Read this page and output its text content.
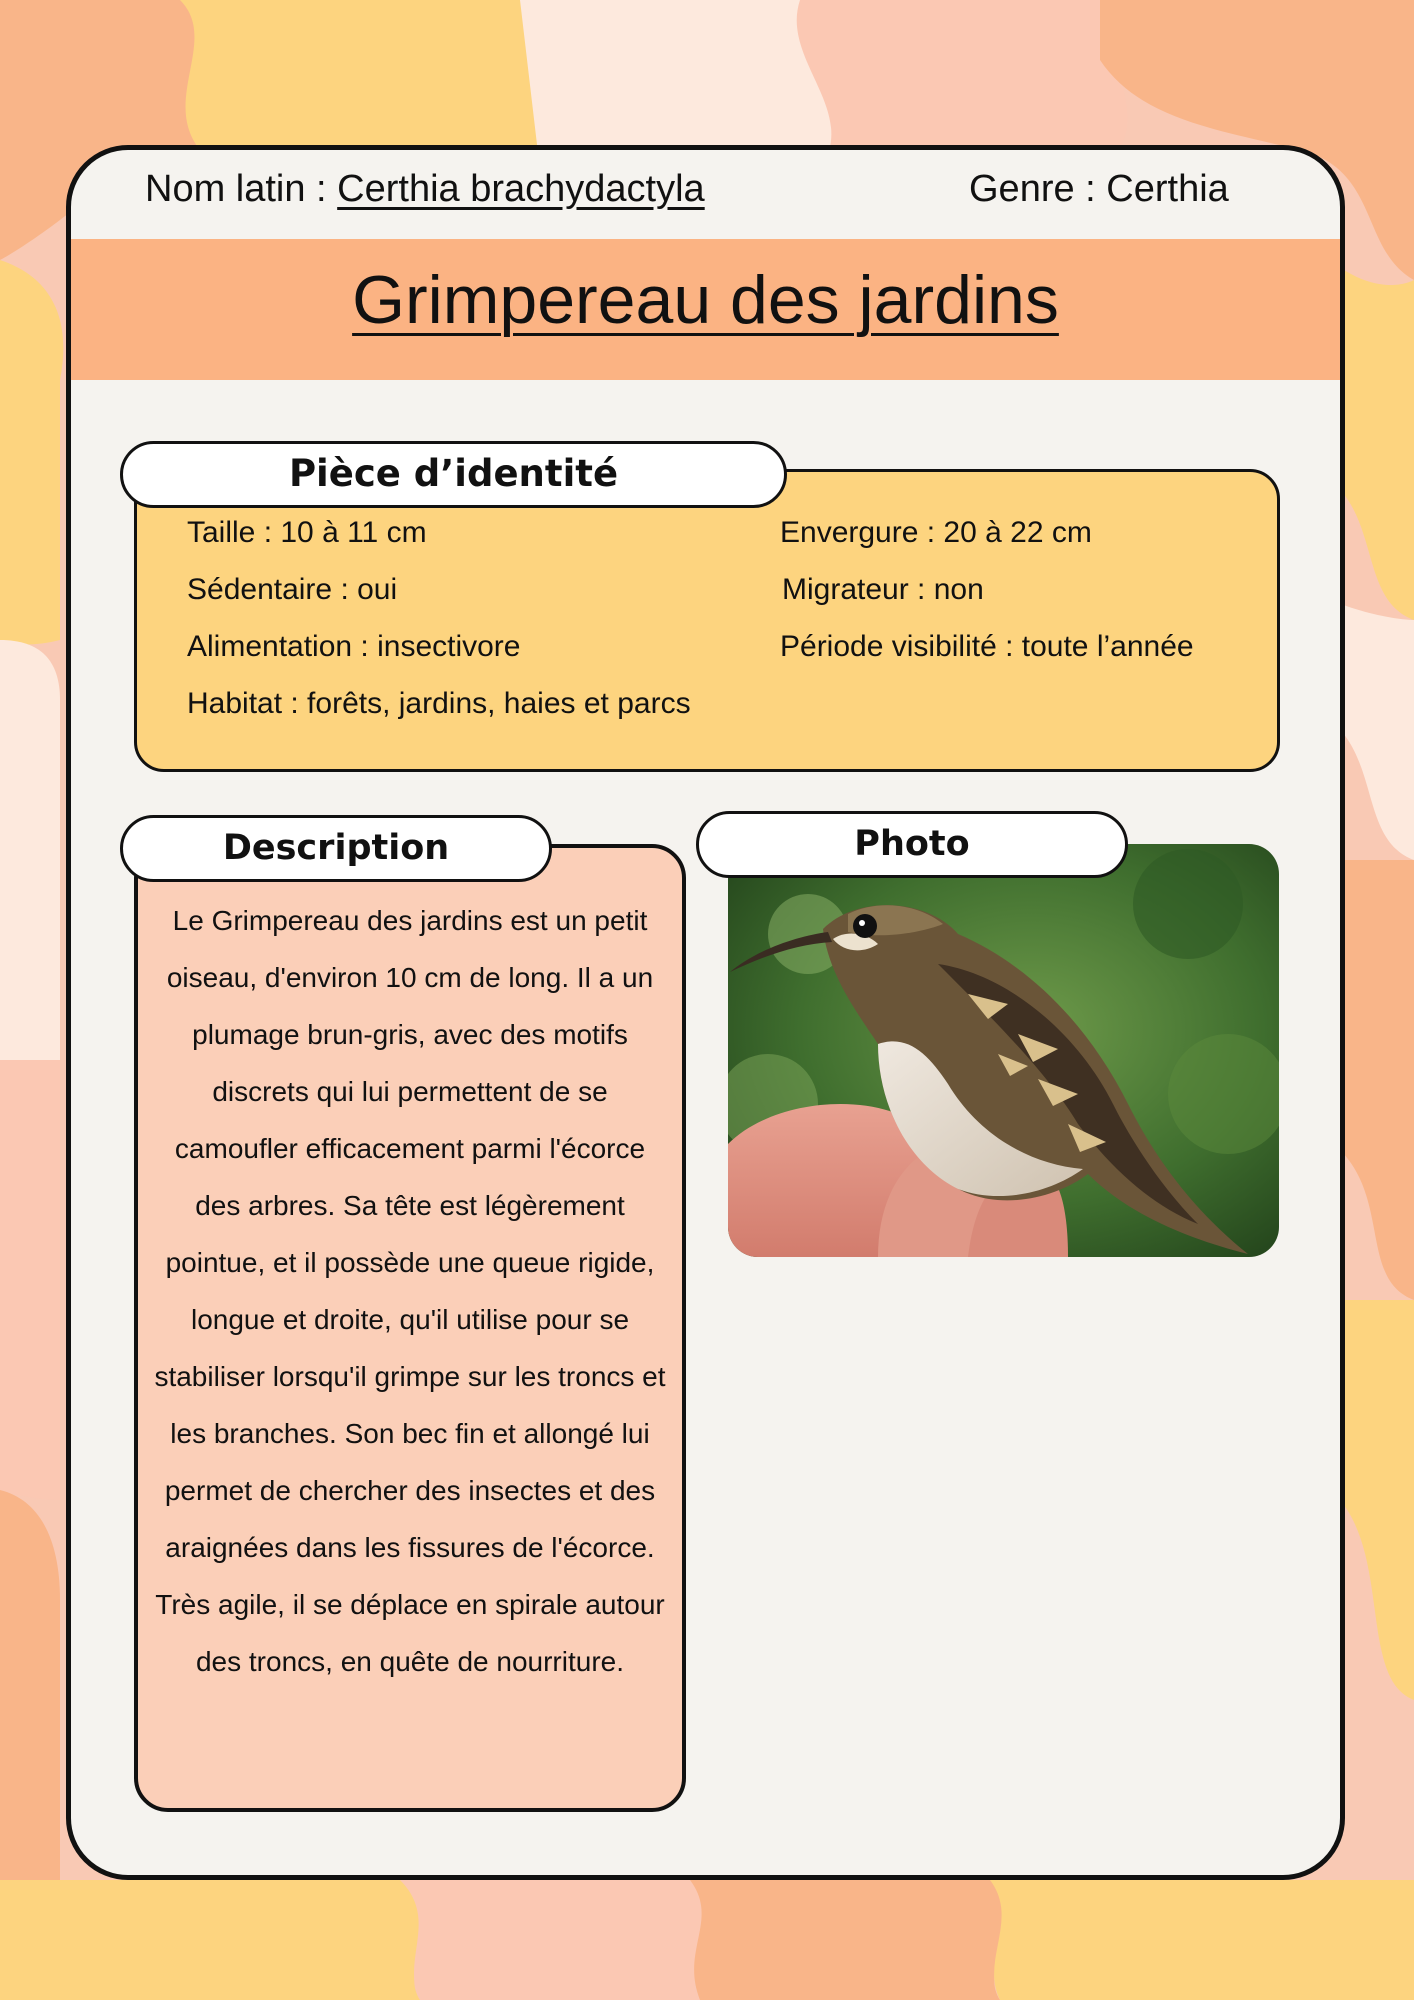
Nom latin : Certhia brachydactyla	Genre : Certhia
Grimpereau des jardins
Taille : 10 à 11 cm	Envergure : 20 à 22 cm
Sédentaire : oui	Migrateur : non
Alimentation : insectivore	Période visibilité : toute l’année
Habitat : forêts, jardins, haies et parcs
Pièce d’identité
Le Grimpereau des jardins est un petit oiseau, d'environ 10 cm de long. Il a un plumage brun-gris, avec des motifs discrets qui lui permettent de se camoufler efficacement parmi l'écorce des arbres. Sa tête est légèrement pointue, et il possède une queue rigide, longue et droite, qu'il utilise pour se stabiliser lorsqu'il grimpe sur les troncs et les branches. Son bec fin et allongé lui permet de chercher des insectes et des araignées dans les fissures de l'écorce. Très agile, il se déplace en spirale autour des troncs, en quête de nourriture.
Description	Photo
